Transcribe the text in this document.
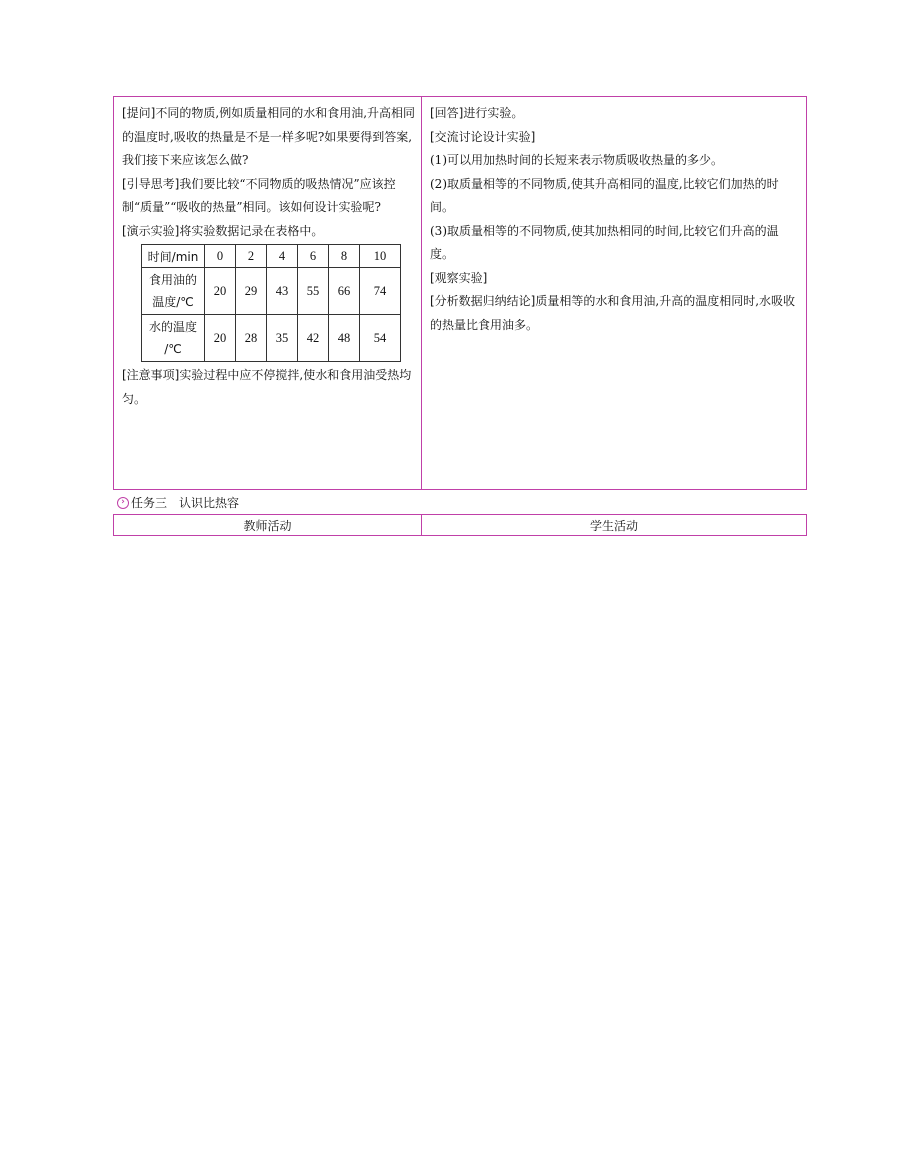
[提问]不同的物质,例如质量相同的水和食用油,升高相同的温度时,吸收的热量是不是一样多呢?如果要得到答案,我们接下来应该怎么做?

[引导思考]我们要比较“不同物质的吸热情况”应该控制“质量”“吸收的热量”相同。该如何设计实验呢?

[演示实验]将实验数据记录在表格中。

时间/min	0	2	4	6	8	10
食用油的
温度/℃	20	29	43	55	66	74
水的温度
/℃	20	28	35	42	48	54

[注意事项]实验过程中应不停搅拌,使水和食用油受热均匀。

[回答]进行实验。

[交流讨论设计实验]

(1)可以用加热时间的长短来表示物质吸收热量的多少。

(2)取质量相等的不同物质,使其升高相同的温度,比较它们加热的时间。

(3)取质量相等的不同物质,使其加热相同的时间,比较它们升高的温度。

[观察实验]

[分析数据归纳结论]质量相等的水和食用油,升高的温度相同时,水吸收的热量比食用油多。

› 任务三 认识比热容
教师活动	学生活动
